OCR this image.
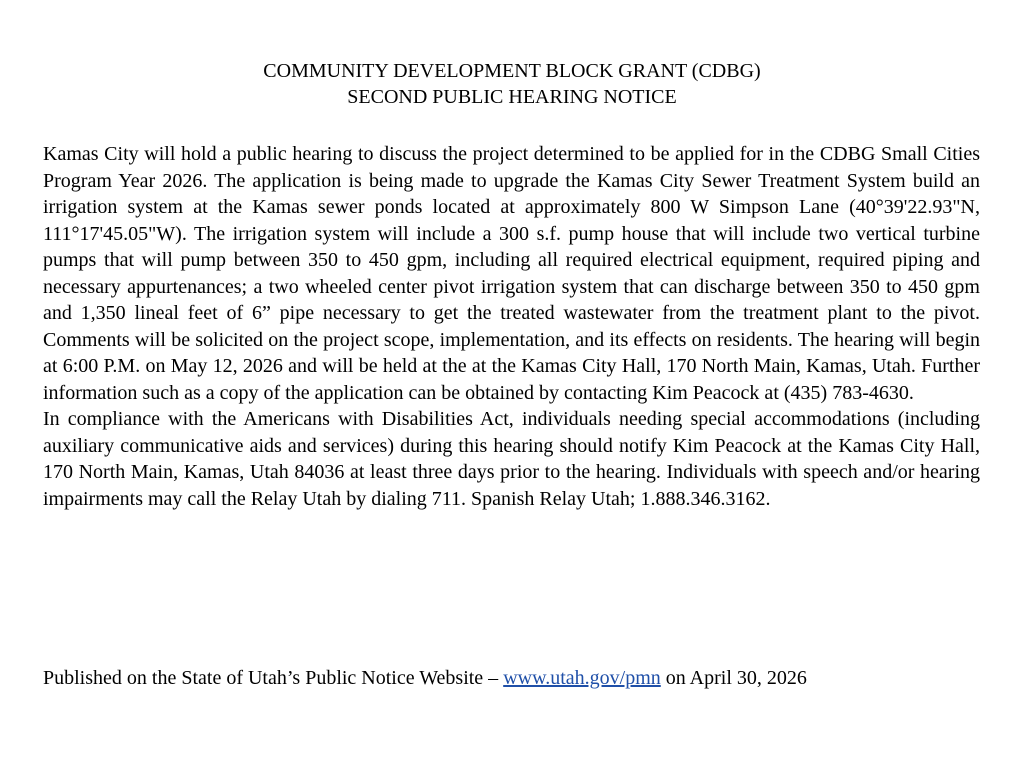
COMMUNITY DEVELOPMENT BLOCK GRANT (CDBG)
SECOND PUBLIC HEARING NOTICE

Kamas City will hold a public hearing to discuss the project determined to be applied for in the CDBG Small Cities Program Year 2026. The application is being made to upgrade the Kamas City Sewer Treatment System build an irrigation system at the Kamas sewer ponds located at approximately 800 W Simpson Lane (40°39'22.93"N, 111°17'45.05"W). The irrigation system will include a 300 s.f. pump house that will include two vertical turbine pumps that will pump between 350 to 450 gpm, including all required electrical equipment, required piping and necessary appurtenances; a two wheeled center pivot irrigation system that can discharge between 350 to 450 gpm and 1,350 lineal feet of 6” pipe necessary to get the treated wastewater from the treatment plant to the pivot. Comments will be solicited on the project scope, implementation, and its effects on residents. The hearing will begin at 6:00 P.M. on May 12, 2026 and will be held at the at the Kamas City Hall, 170 North Main, Kamas, Utah. Further information such as a copy of the application can be obtained by contacting Kim Peacock at (435) 783-4630.

In compliance with the Americans with Disabilities Act, individuals needing special accommodations (including auxiliary communicative aids and services) during this hearing should notify Kim Peacock at the Kamas City Hall, 170 North Main, Kamas, Utah 84036 at least three days prior to the hearing. Individuals with speech and/or hearing impairments may call the Relay Utah by dialing 711. Spanish Relay Utah; 1.888.346.3162.

Published on the State of Utah’s Public Notice Website – www.utah.gov/pmn on April 30, 2026
